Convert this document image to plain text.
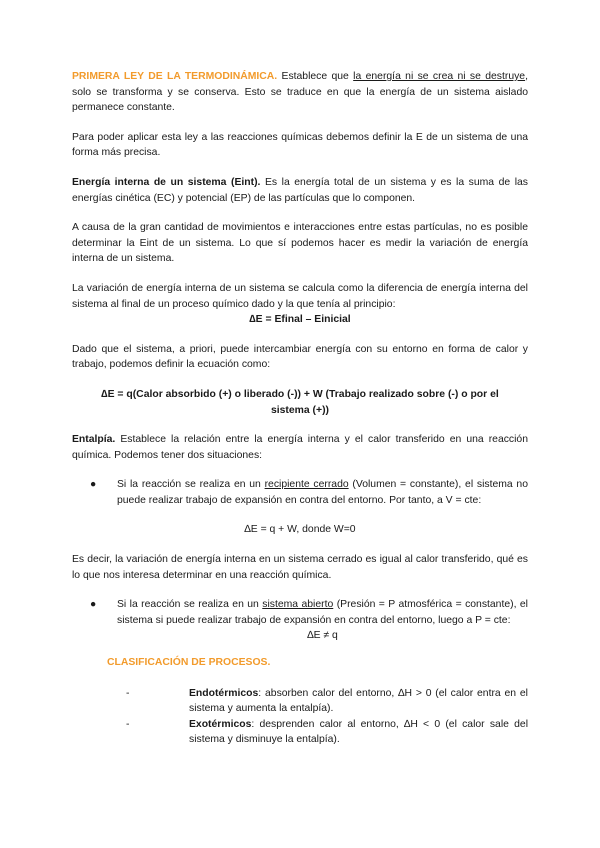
PRIMERA LEY DE LA TERMODINÁMICA. Establece que la energía ni se crea ni se destruye, solo se transforma y se conserva. Esto se traduce en que la energía de un sistema aislado permanece constante.

Para poder aplicar esta ley a las reacciones químicas debemos definir la E de un sistema de una forma más precisa.

Energía interna de un sistema (Eint). Es la energía total de un sistema y es la suma de las energías cinética (EC) y potencial (EP) de las partículas que lo componen.

A causa de la gran cantidad de movimientos e interacciones entre estas partículas, no es posible determinar la Eint de un sistema. Lo que sí podemos hacer es medir la variación de energía interna de un sistema.

La variación de energía interna de un sistema se calcula como la diferencia de energía interna del sistema al final de un proceso químico dado y la que tenía al principio:

∆E = Efinal – Einicial

Dado que el sistema, a priori, puede intercambiar energía con su entorno en forma de calor y trabajo, podemos definir la ecuación como:

∆E = q(Calor absorbido (+) o liberado (-)) + W (Trabajo realizado sobre (-) o por el

sistema (+))

Entalpía. Establece la relación entre la energía interna y el calor transferido en una reacción química. Podemos tener dos situaciones:

● Si la reacción se realiza en un recipiente cerrado (Volumen = constante), el sistema no puede realizar trabajo de expansión en contra del entorno. Por tanto, a V = cte:

∆E = q + W, donde W=0

Es decir, la variación de energía interna en un sistema cerrado es igual al calor transferido, qué es lo que nos interesa determinar en una reacción química.

● Si la reacción se realiza en un sistema abierto (Presión = P atmosférica = constante), el sistema si puede realizar trabajo de expansión en contra del entorno, luego a P = cte:

∆E ≠ q

CLASIFICACIÓN DE PROCESOS.

-	Endotérmicos: absorben calor del entorno, ∆H > 0 (el calor entra en el sistema y aumenta la entalpía).

-	Exotérmicos: desprenden calor al entorno, ∆H < 0 (el calor sale del sistema y disminuye la entalpía).
